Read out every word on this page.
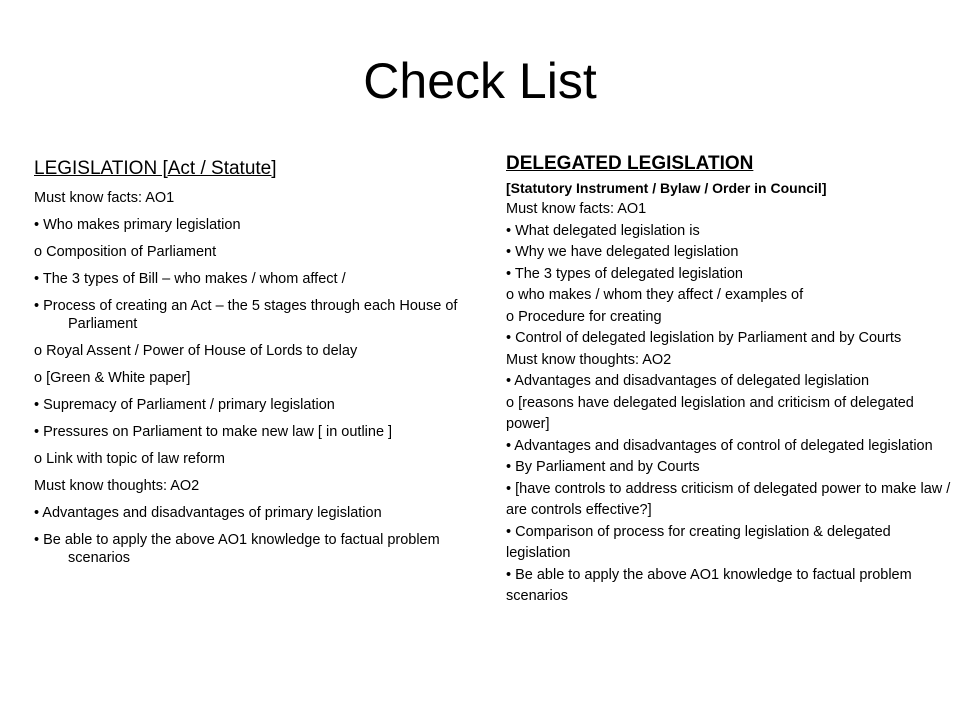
Check List
LEGISLATION [Act / Statute]
Must know facts: AO1
• Who makes primary legislation
o Composition of Parliament
• The 3 types of Bill – who makes / whom affect /
• Process of creating an Act – the 5 stages through each House of Parliament
o Royal Assent / Power of House of Lords to delay
o [Green & White paper]
• Supremacy of Parliament / primary legislation
• Pressures on Parliament to make new law [ in outline ]
o Link with topic of law reform
Must know thoughts: AO2
• Advantages and disadvantages of primary legislation
• Be able to apply the above AO1 knowledge to factual problem scenarios
DELEGATED LEGISLATION
[Statutory Instrument / Bylaw / Order in Council]
Must know facts: AO1
• What delegated legislation is
• Why we have delegated legislation
• The 3 types of delegated legislation
o who makes / whom they affect / examples of
o Procedure for creating
• Control of delegated legislation by Parliament and by Courts
Must know thoughts: AO2
• Advantages and disadvantages of delegated legislation
o [reasons have delegated legislation and criticism of delegated power]
• Advantages and disadvantages of control of delegated legislation
• By Parliament and by Courts
• [have controls to address criticism of delegated power to make law /
are controls effective?]
• Comparison of process for creating legislation & delegated legislation
• Be able to apply the above AO1 knowledge to factual problem scenarios
